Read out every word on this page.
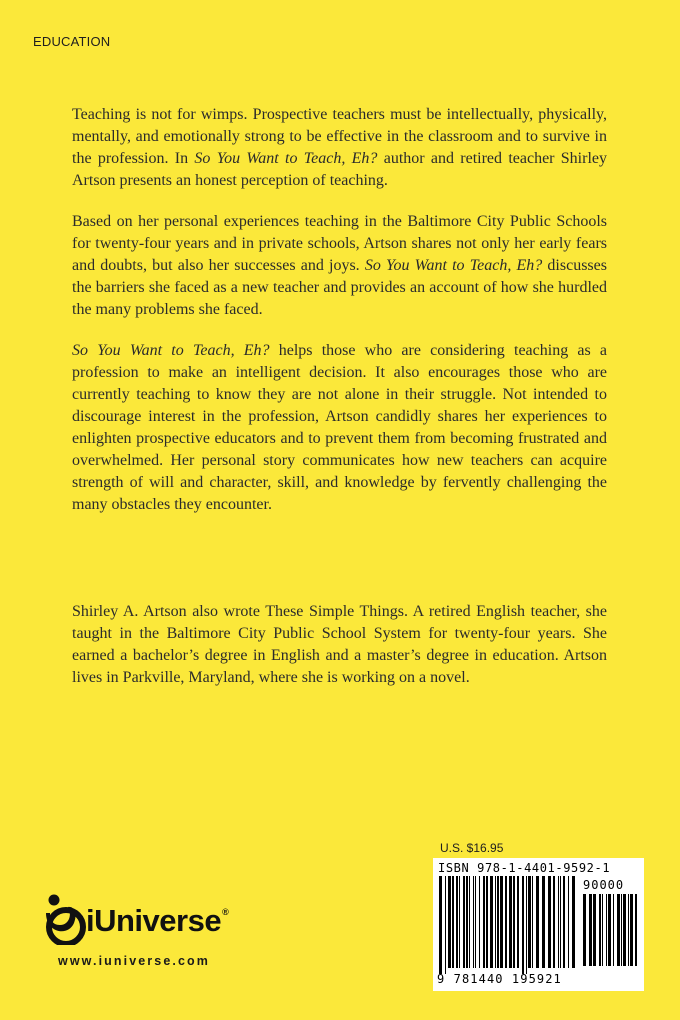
EDUCATION

Teaching is not for wimps. Prospective teachers must be intellectually, physically, mentally, and emotionally strong to be effective in the classroom and to survive in the profession. In So You Want to Teach, Eh? author and retired teacher Shirley Artson presents an honest perception of teaching.

Based on her personal experiences teaching in the Baltimore City Public Schools for twenty-four years and in private schools, Artson shares not only her early fears and doubts, but also her successes and joys. So You Want to Teach, Eh? discusses the barriers she faced as a new teacher and provides an account of how she hurdled the many problems she faced.

So You Want to Teach, Eh? helps those who are considering teaching as a profession to make an intelligent decision. It also encourages those who are currently teaching to know they are not alone in their struggle. Not intended to discourage interest in the profession, Artson candidly shares her experiences to enlighten prospective educators and to prevent them from becoming frustrated and overwhelmed. Her personal story communicates how new teachers can acquire strength of will and character, skill, and knowledge by fervently challenging the many obstacles they encounter.

Shirley A. Artson also wrote These Simple Things. A retired English teacher, she taught in the Baltimore City Public School System for twenty-four years. She earned a bachelor’s degree in English and a master’s degree in education. Artson lives in Parkville, Maryland, where she is working on a novel.

U.S. $16.95
ISBN 978-1-4401-9592-1
90000
9 781440 195921
iUniverse®
www.iuniverse.com
